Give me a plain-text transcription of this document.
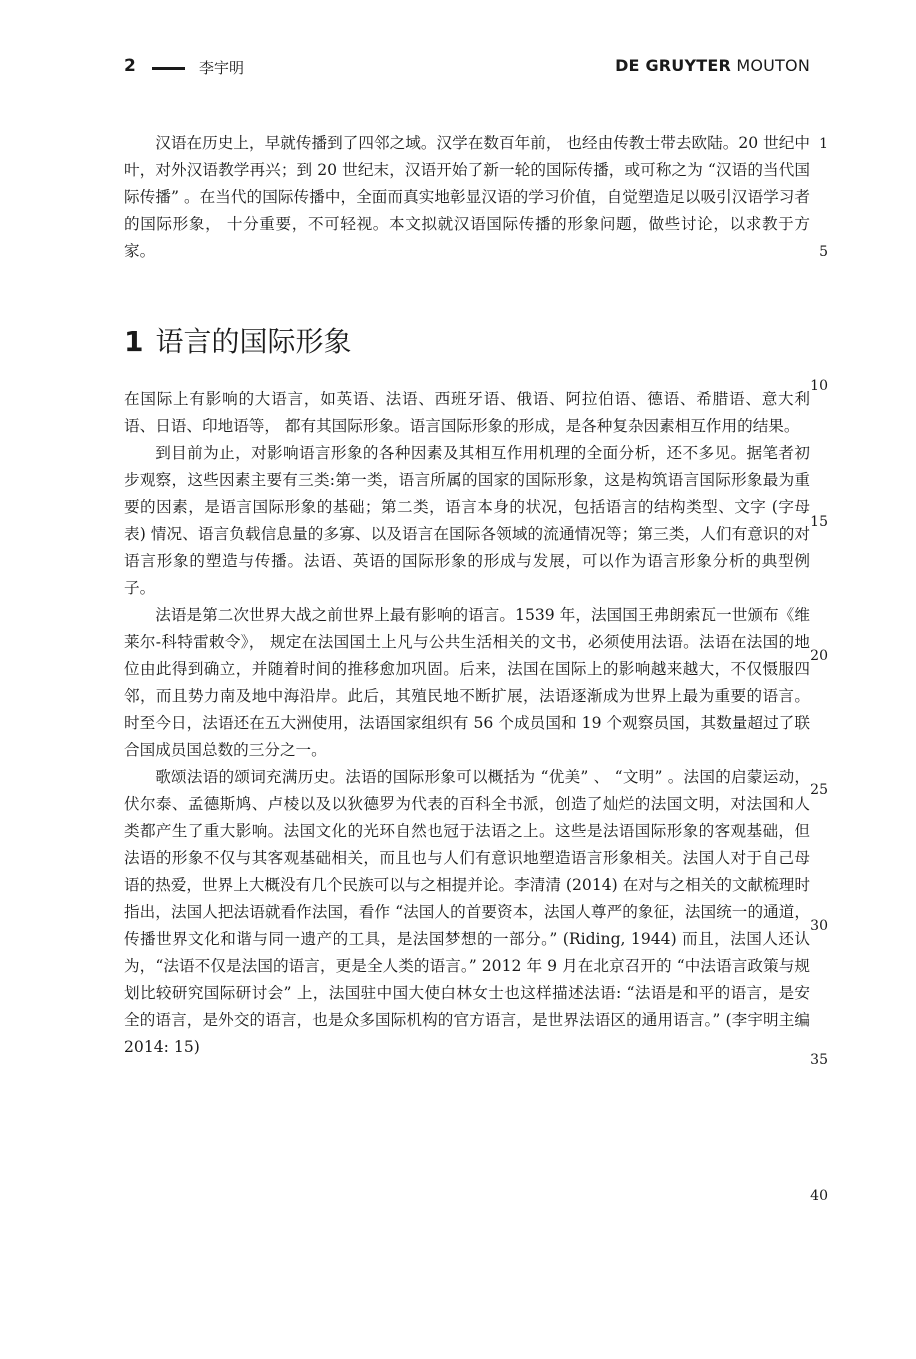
2	李宇明	DE GRUYTER MOUTON

汉语在历史上，早就传播到了四邻之域。汉学在数百年前， 也经由传教士带去欧陆。20 世纪中叶，对外汉语教学再兴；到 20 世纪末，汉语开始了新一轮的国际传播，或可称之为 “汉语的当代国际传播” 。在当代的国际传播中，全面而真实地彰显汉语的学习价值，自觉塑造足以吸引汉语学习者的国际形象， 十分重要，不可轻视。本文拟就汉语国际传播的形象问题，做些讨论，以求教于方家。

1 语言的国际形象

在国际上有影响的大语言，如英语、法语、西班牙语、俄语、阿拉伯语、德语、希腊语、意大利语、日语、印地语等， 都有其国际形象。语言国际形象的形成，是各种复杂因素相互作用的结果。

到目前为止，对影响语言形象的各种因素及其相互作用机理的全面分析，还不多见。据笔者初步观察，这些因素主要有三类:第一类，语言所属的国家的国际形象，这是构筑语言国际形象最为重要的因素，是语言国际形象的基础；第二类，语言本身的状况，包括语言的结构类型、文字 (字母表) 情况、语言负载信息量的多寡、以及语言在国际各领域的流通情况等；第三类，人们有意识的对语言形象的塑造与传播。法语、英语的国际形象的形成与发展，可以作为语言形象分析的典型例子。

法语是第二次世界大战之前世界上最有影响的语言。1539 年，法国国王弗朗索瓦一世颁布《维莱尔-科特雷敕令》， 规定在法国国土上凡与公共生活相关的文书，必须使用法语。法语在法国的地位由此得到确立，并随着时间的推移愈加巩固。后来，法国在国际上的影响越来越大，不仅慑服四邻，而且势力南及地中海沿岸。此后，其殖民地不断扩展，法语逐渐成为世界上最为重要的语言。时至今日，法语还在五大洲使用，法语国家组织有 56 个成员国和 19 个观察员国，其数量超过了联合国成员国总数的三分之一。

歌颂法语的颂词充满历史。法语的国际形象可以概括为 “优美” 、 “文明” 。法国的启蒙运动， 伏尔泰、孟德斯鸠、卢棱以及以狄德罗为代表的百科全书派，创造了灿烂的法国文明，对法国和人类都产生了重大影响。法国文化的光环自然也冠于法语之上。这些是法语国际形象的客观基础，但法语的形象不仅与其客观基础相关，而且也与人们有意识地塑造语言形象相关。法国人对于自己母语的热爱，世界上大概没有几个民族可以与之相提并论。李清清 (2014) 在对与之相关的文献梳理时指出，法国人把法语就看作法国，看作 “法国人的首要资本，法国人尊严的象征，法国统一的通道，传播世界文化和谐与同一遗产的工具，是法国梦想的一部分。” (Riding, 1944) 而且，法国人还认为，“法语不仅是法国的语言，更是全人类的语言。” 2012 年 9 月在北京召开的 “中法语言政策与规划比较研究国际研讨会” 上，法国驻中国大使白林女士也这样描述法语: “法语是和平的语言，是安全的语言，是外交的语言，也是众多国际机构的官方语言，是世界法语区的通用语言。” (李宇明主编 2014: 15)

1
5
10
15
20
25
30
35
40
